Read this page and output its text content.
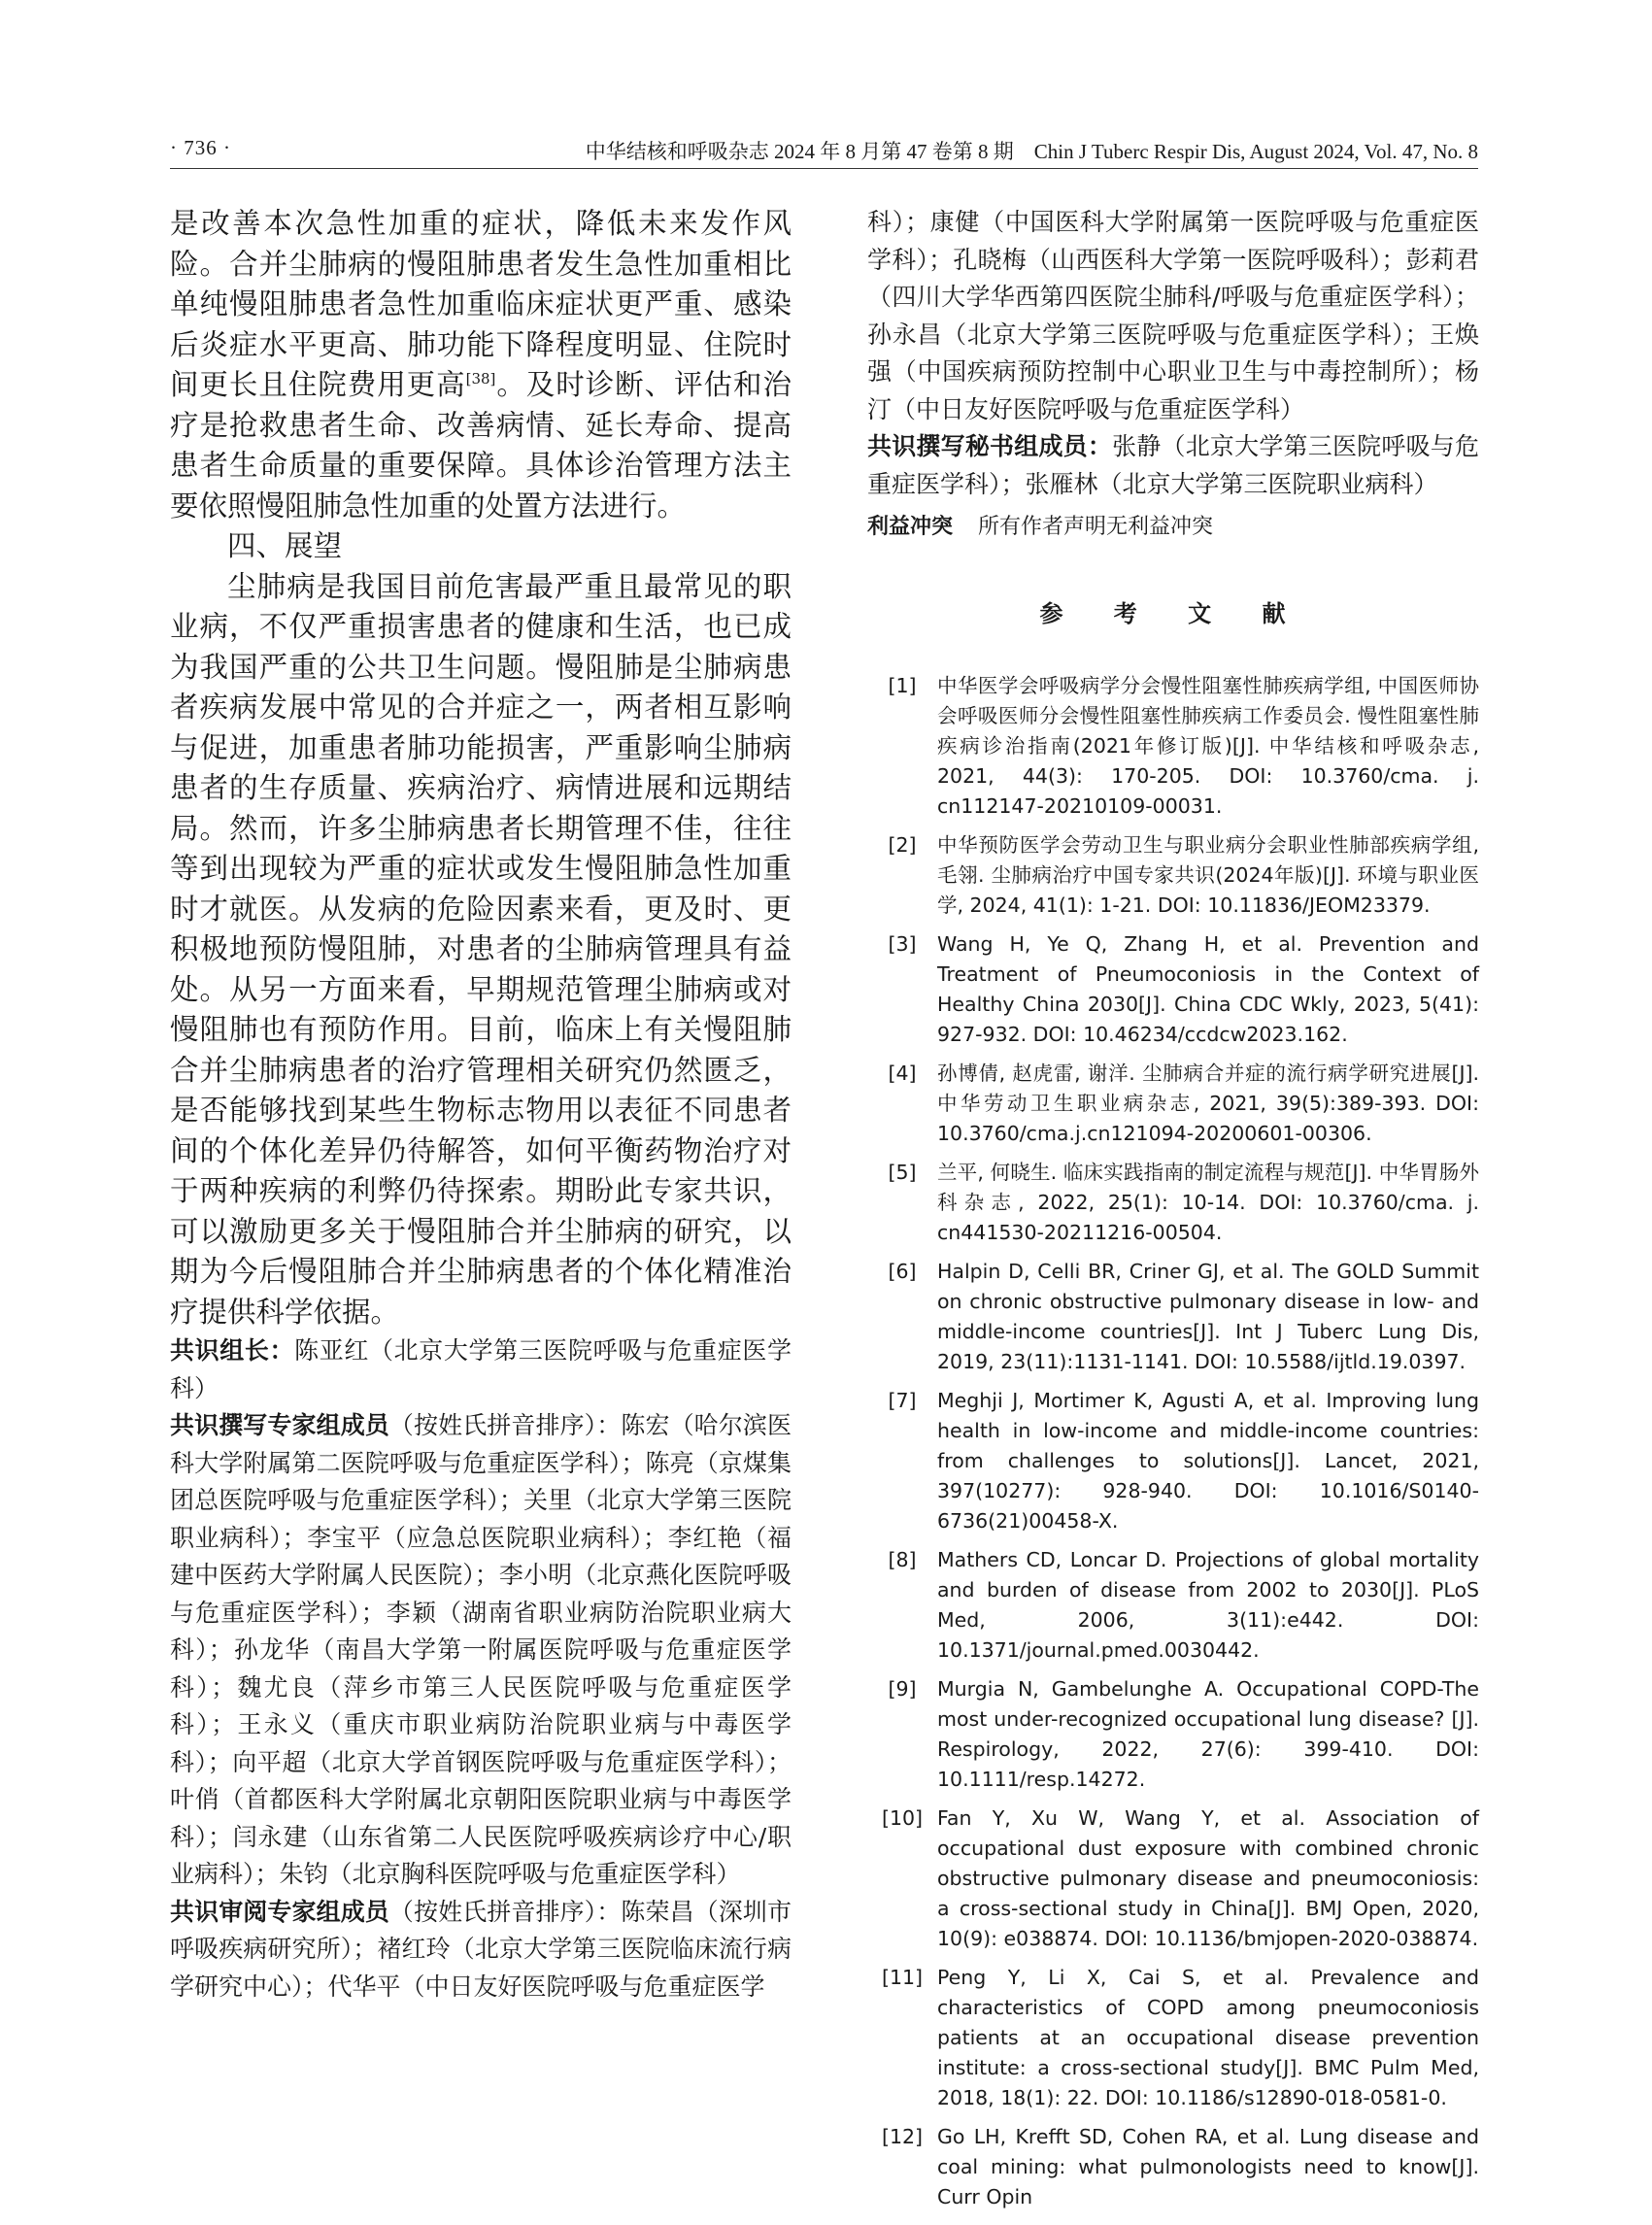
· 736 ·	中华结核和呼吸杂志 2024 年 8 月第 47 卷第 8 期　Chin J Tuberc Respir Dis, August 2024, Vol. 47, No. 8

是改善本次急性加重的症状，降低未来发作风险。合并尘肺病的慢阻肺患者发生急性加重相比单纯慢阻肺患者急性加重临床症状更严重、感染后炎症水平更高、肺功能下降程度明显、住院时间更长且住院费用更高[38]。及时诊断、评估和治疗是抢救患者生命、改善病情、延长寿命、提高患者生命质量的重要保障。具体诊治管理方法主要依照慢阻肺急性加重的处置方法进行。

四、展望

尘肺病是我国目前危害最严重且最常见的职业病，不仅严重损害患者的健康和生活，也已成为我国严重的公共卫生问题。慢阻肺是尘肺病患者疾病发展中常见的合并症之一，两者相互影响与促进，加重患者肺功能损害，严重影响尘肺病患者的生存质量、疾病治疗、病情进展和远期结局。然而，许多尘肺病患者长期管理不佳，往往等到出现较为严重的症状或发生慢阻肺急性加重时才就医。从发病的危险因素来看，更及时、更积极地预防慢阻肺，对患者的尘肺病管理具有益处。从另一方面来看，早期规范管理尘肺病或对慢阻肺也有预防作用。目前，临床上有关慢阻肺合并尘肺病患者的治疗管理相关研究仍然匮乏，是否能够找到某些生物标志物用以表征不同患者间的个体化差异仍待解答，如何平衡药物治疗对于两种疾病的利弊仍待探索。期盼此专家共识，可以激励更多关于慢阻肺合并尘肺病的研究，以期为今后慢阻肺合并尘肺病患者的个体化精准治疗提供科学依据。

共识组长：陈亚红（北京大学第三医院呼吸与危重症医学科）

共识撰写专家组成员（按姓氏拼音排序）：陈宏（哈尔滨医科大学附属第二医院呼吸与危重症医学科）；陈亮（京煤集团总医院呼吸与危重症医学科）；关里（北京大学第三医院职业病科）；李宝平（应急总医院职业病科）；李红艳（福建中医药大学附属人民医院）；李小明（北京燕化医院呼吸与危重症医学科）；李颖（湖南省职业病防治院职业病大科）；孙龙华（南昌大学第一附属医院呼吸与危重症医学科）；魏尤良（萍乡市第三人民医院呼吸与危重症医学科）；王永义（重庆市职业病防治院职业病与中毒医学科）；向平超（北京大学首钢医院呼吸与危重症医学科）；叶俏（首都医科大学附属北京朝阳医院职业病与中毒医学科）；闫永建（山东省第二人民医院呼吸疾病诊疗中心/职业病科）；朱钧（北京胸科医院呼吸与危重症医学科）

共识审阅专家组成员（按姓氏拼音排序）：陈荣昌（深圳市呼吸疾病研究所）；褚红玲（北京大学第三医院临床流行病学研究中心）；代华平（中日友好医院呼吸与危重症医学

科）；康健（中国医科大学附属第一医院呼吸与危重症医学科）；孔晓梅（山西医科大学第一医院呼吸科）；彭莉君（四川大学华西第四医院尘肺科/呼吸与危重症医学科）；孙永昌（北京大学第三医院呼吸与危重症医学科）；王焕强（中国疾病预防控制中心职业卫生与中毒控制所）；杨汀（中日友好医院呼吸与危重症医学科）

共识撰写秘书组成员：张静（北京大学第三医院呼吸与危重症医学科）；张雁林（北京大学第三医院职业病科）

利益冲突 所有作者声明无利益冲突

参 考 文 献
[1]	中华医学会呼吸病学分会慢性阻塞性肺疾病学组, 中国医师协会呼吸医师分会慢性阻塞性肺疾病工作委员会. 慢性阻塞性肺疾病诊治指南(2021年修订版)[J]. 中华结核和呼吸杂志, 2021, 44(3): 170-205. DOI: 10.3760/cma. j. cn112147-20210109-00031.
[2]	中华预防医学会劳动卫生与职业病分会职业性肺部疾病学组, 毛翎. 尘肺病治疗中国专家共识(2024年版)[J]. 环境与职业医学, 2024, 41(1): 1-21. DOI: 10.11836/JEOM23379.
[3]	Wang H, Ye Q, Zhang H, et al. Prevention and Treatment of Pneumoconiosis in the Context of Healthy China 2030[J]. China CDC Wkly, 2023, 5(41): 927-932. DOI: 10.46234/ccdcw2023.162.
[4]	孙博倩, 赵虎雷, 谢洋. 尘肺病合并症的流行病学研究进展[J]. 中华劳动卫生职业病杂志, 2021, 39(5):389-393. DOI: 10.3760/cma.j.cn121094-20200601-00306.
[5]	兰平, 何晓生. 临床实践指南的制定流程与规范[J]. 中华胃肠外科杂志, 2022, 25(1): 10-14. DOI: 10.3760/cma. j. cn441530-20211216-00504.
[6]	Halpin D, Celli BR, Criner GJ, et al. The GOLD Summit on chronic obstructive pulmonary disease in low- and middle-income countries[J]. Int J Tuberc Lung Dis, 2019, 23(11):1131-1141. DOI: 10.5588/ijtld.19.0397.
[7]	Meghji J, Mortimer K, Agusti A, et al. Improving lung health in low-income and middle-income countries: from challenges to solutions[J]. Lancet, 2021, 397(10277): 928-940. DOI: 10.1016/S0140-6736(21)00458-X.
[8]	Mathers CD, Loncar D. Projections of global mortality and burden of disease from 2002 to 2030[J]. PLoS Med, 2006, 3(11):e442. DOI: 10.1371/journal.pmed.0030442.
[9]	Murgia N, Gambelunghe A. Occupational COPD-The most under-recognized occupational lung disease? [J]. Respirology, 2022, 27(6): 399-410. DOI: 10.1111/resp.14272.
[10] Fan Y, Xu W, Wang Y, et al. Association of occupational dust exposure with combined chronic obstructive pulmonary disease and pneumoconiosis: a cross-sectional study in China[J]. BMJ Open, 2020, 10(9): e038874. DOI: 10.1136/bmjopen-2020-038874.
[11] Peng Y, Li X, Cai S, et al. Prevalence and characteristics of COPD among pneumoconiosis patients at an occupational disease prevention institute: a cross-sectional study[J]. BMC Pulm Med, 2018, 18(1): 22. DOI: 10.1186/s12890-018-0581-0.
[12] Go LH, Krefft SD, Cohen RA, et al. Lung disease and coal mining: what pulmonologists need to know[J]. Curr Opin
